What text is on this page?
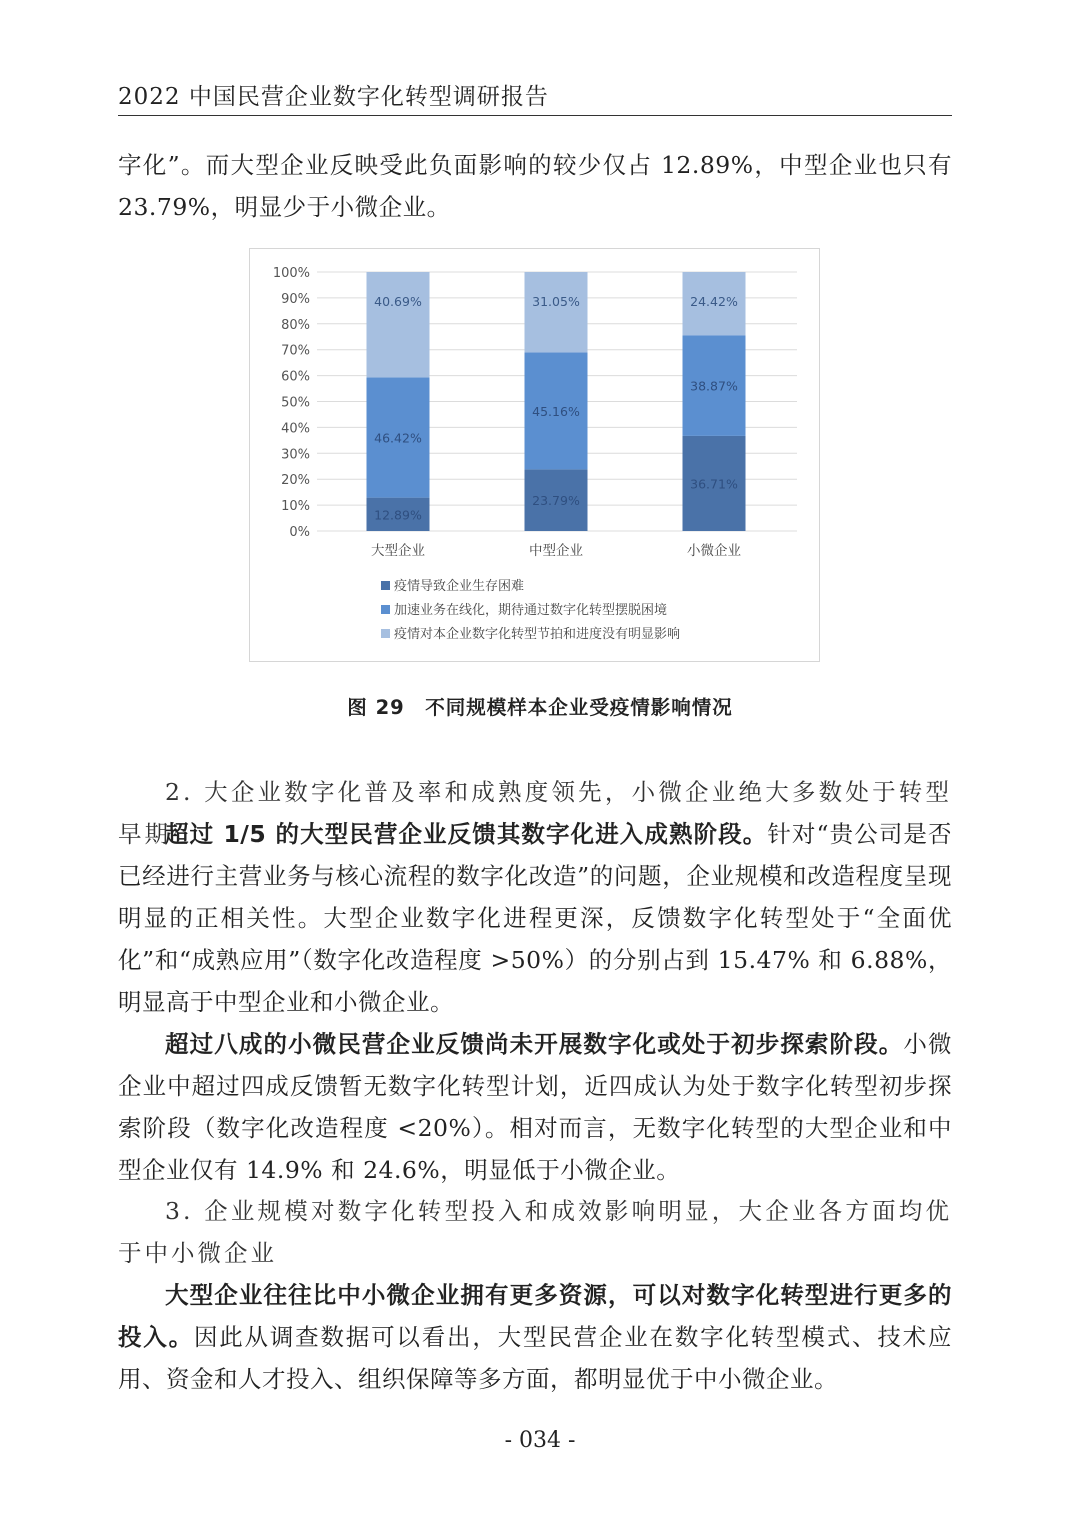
2022 中国民营企业数字化转型调研报告

字化”。而大型企业反映受此负面影响的较少仅占 12.89%，中型企业也只有 23.79%，明显少于小微企业。

0%
10%
20%
30%
40%
50%
60%
70%
80%
90%
100%
12.89%
46.42%
40.69%
大型企业
23.79%
45.16%
31.05%
中型企业
36.71%
38.87%
24.42%
小微企业
疫情导致企业生存困难
加速业务在线化，期待通过数字化转型摆脱困境
疫情对本企业数字化转型节拍和进度没有明显影响
图 29　不同规模样本企业受疫情影响情况

2. 大企业数字化普及率和成熟度领先，小微企业绝大多数处于转型早期

超过 1/5 的大型民营企业反馈其数字化进入成熟阶段。针对“贵公司是否已经进行主营业务与核心流程的数字化改造”的问题，企业规模和改造程度呈现明显的正相关性。大型企业数字化进程更深，反馈数字化转型处于“全面优化”和“成熟应用”（数字化改造程度 >50%）的分别占到 15.47% 和 6.88%，明显高于中型企业和小微企业。

超过八成的小微民营企业反馈尚未开展数字化或处于初步探索阶段。小微企业中超过四成反馈暂无数字化转型计划，近四成认为处于数字化转型初步探索阶段（数字化改造程度 <20%）。相对而言，无数字化转型的大型企业和中型企业仅有 14.9% 和 24.6%，明显低于小微企业。

3. 企业规模对数字化转型投入和成效影响明显，大企业各方面均优于中小微企业

大型企业往往比中小微企业拥有更多资源，可以对数字化转型进行更多的投入。因此从调查数据可以看出，大型民营企业在数字化转型模式、技术应用、资金和人才投入、组织保障等多方面，都明显优于中小微企业。

- 034 -
